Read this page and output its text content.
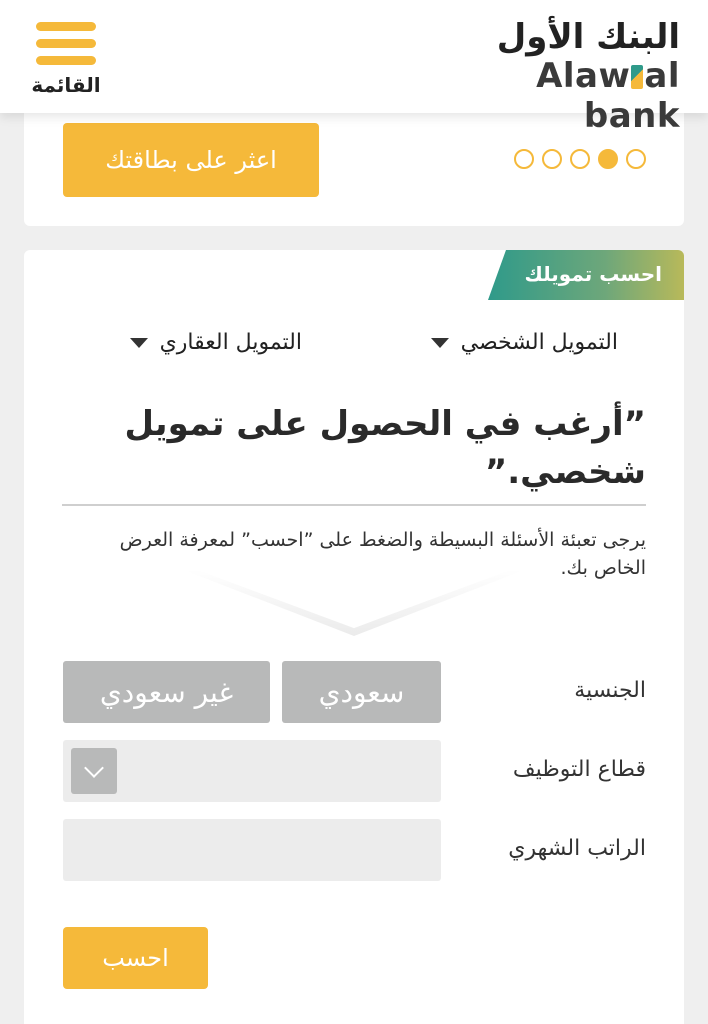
اعثر على بطاقتك
القائمة
البنك الأول
Alaw al bank
احسب تمويلك
التمويل الشخصي
التمويل العقاري
”أرغب في الحصول على تمويل شخصي.”
يرجى تعبئة الأسئلة البسيطة والضغط على ”احسب” لمعرفة العرض الخاص بك.
الجنسية
سعودي
غير سعودي
قطاع التوظيف
الراتب الشهري
احسب
